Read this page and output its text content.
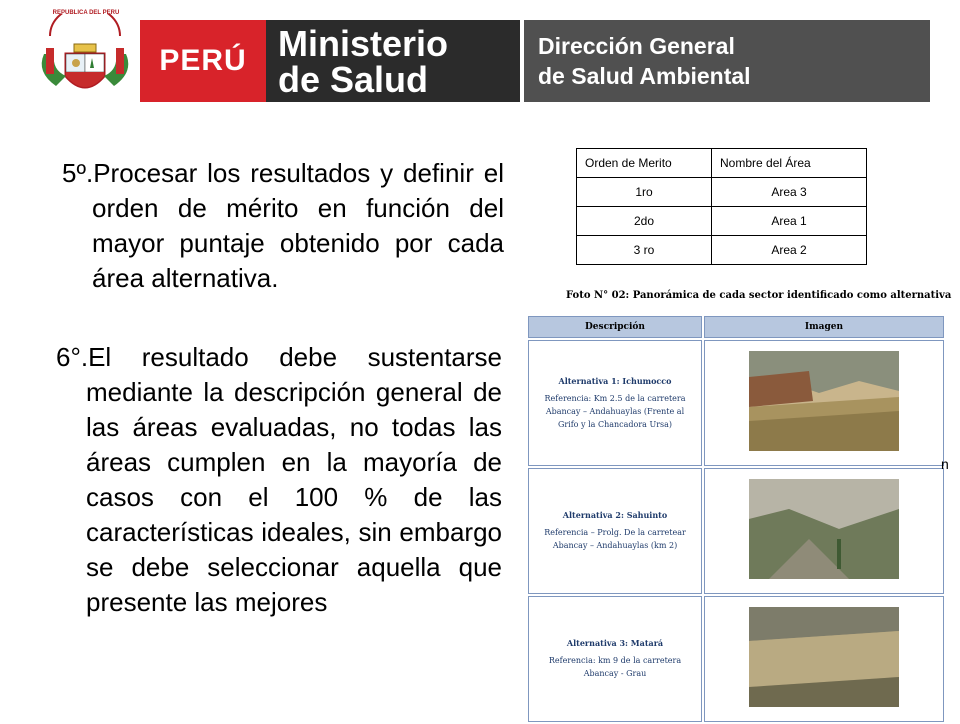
REPUBLICA DEL PERU
PERÚ Ministerio
de Salud
Dirección General
de Salud Ambiental
5º.Procesar los resultados y definir el orden de mérito en función del mayor puntaje obtenido por cada área alternativa.
Orden de Merito	Nombre del Área
1ro	Area 3
2do	Area 1
3 ro	Area 2
Foto N° 02: Panorámica de cada sector identificado como alternativa
Descripción	Imagen

Alternativa 1: Ichumocco
Referencia: Km 2.5 de la carretera Abancay – Andahuaylas (Frente al Grifo y la Chancadora Ursa)

Alternativa 2: Sahuinto
Referencia – Prolg. De la carretear Abancay – Andahuaylas (km 2)

Alternativa 3: Matará
Referencia: km 9 de la carretera Abancay - Grau

n
6°.El resultado debe sustentarse mediante la descripción general de las áreas evaluadas, no todas las áreas cumplen en la mayoría de casos con el 100 % de las características ideales, sin embargo se debe seleccionar aquella que presente las mejores
